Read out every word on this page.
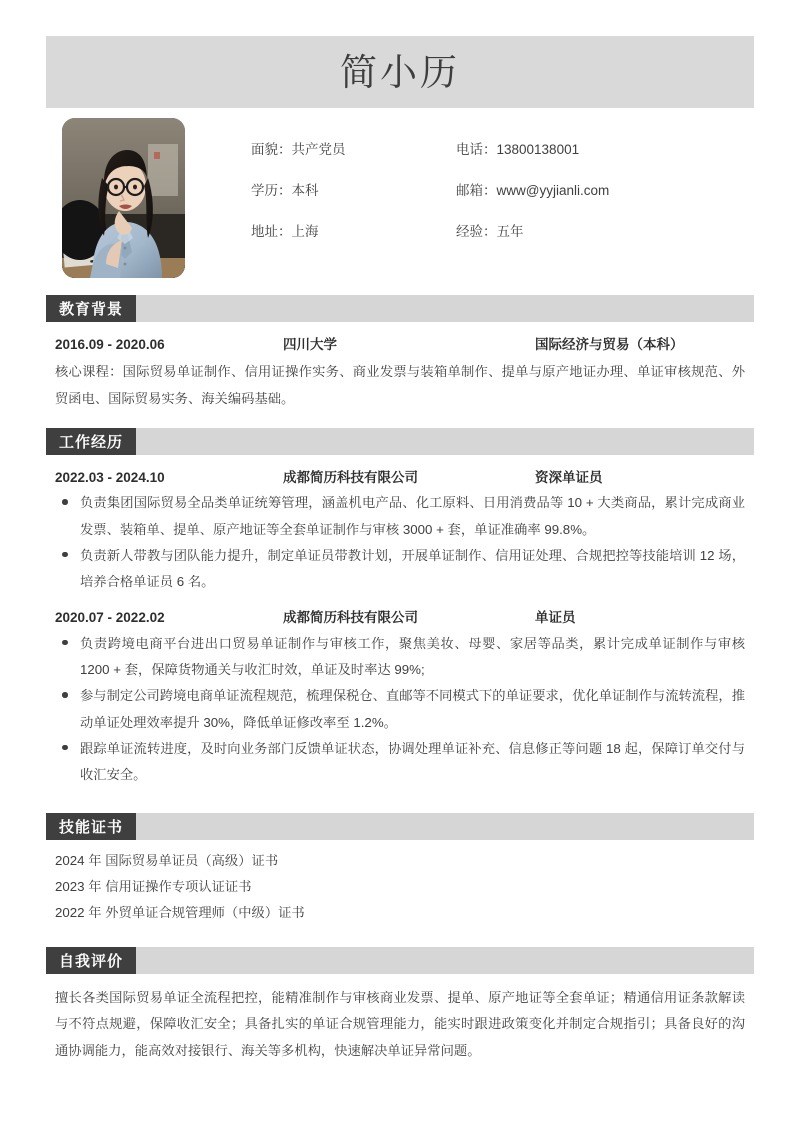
简小历
面貌：共产党员	电话：13800138001
学历：本科	邮箱：www@yyjianli.com
地址：上海	经验：五年
教育背景
2016.09 - 2020.06	四川大学	国际经济与贸易（本科）

核心课程：国际贸易单证制作、信用证操作实务、商业发票与装箱单制作、提单与原产地证办理、单证审核规范、外贸函电、国际贸易实务、海关编码基础。

工作经历
2022.03 - 2024.10	成都简历科技有限公司	资深单证员
负责集团国际贸易全品类单证统筹管理，涵盖机电产品、化工原料、日用消费品等 10 + 大类商品，累计完成商业发票、装箱单、提单、原产地证等全套单证制作与审核 3000 + 套，单证准确率 99.8%。
负责新人带教与团队能力提升，制定单证员带教计划，开展单证制作、信用证处理、合规把控等技能培训 12 场，培养合格单证员 6 名。
2020.07 - 2022.02	成都简历科技有限公司	单证员
负责跨境电商平台进出口贸易单证制作与审核工作，聚焦美妆、母婴、家居等品类，累计完成单证制作与审核 1200 + 套，保障货物通关与收汇时效，单证及时率达 99%;
参与制定公司跨境电商单证流程规范，梳理保税仓、直邮等不同模式下的单证要求，优化单证制作与流转流程，推动单证处理效率提升 30%，降低单证修改率至 1.2%。
跟踪单证流转进度，及时向业务部门反馈单证状态，协调处理单证补充、信息修正等问题 18 起，保障订单交付与收汇安全。
技能证书
2024 年 国际贸易单证员（高级）证书
2023 年 信用证操作专项认证证书
2022 年 外贸单证合规管理师（中级）证书
自我评价

擅长各类国际贸易单证全流程把控，能精准制作与审核商业发票、提单、原产地证等全套单证；精通信用证条款解读与不符点规避，保障收汇安全；具备扎实的单证合规管理能力，能实时跟进政策变化并制定合规指引；具备良好的沟通协调能力，能高效对接银行、海关等多机构，快速解决单证异常问题。
